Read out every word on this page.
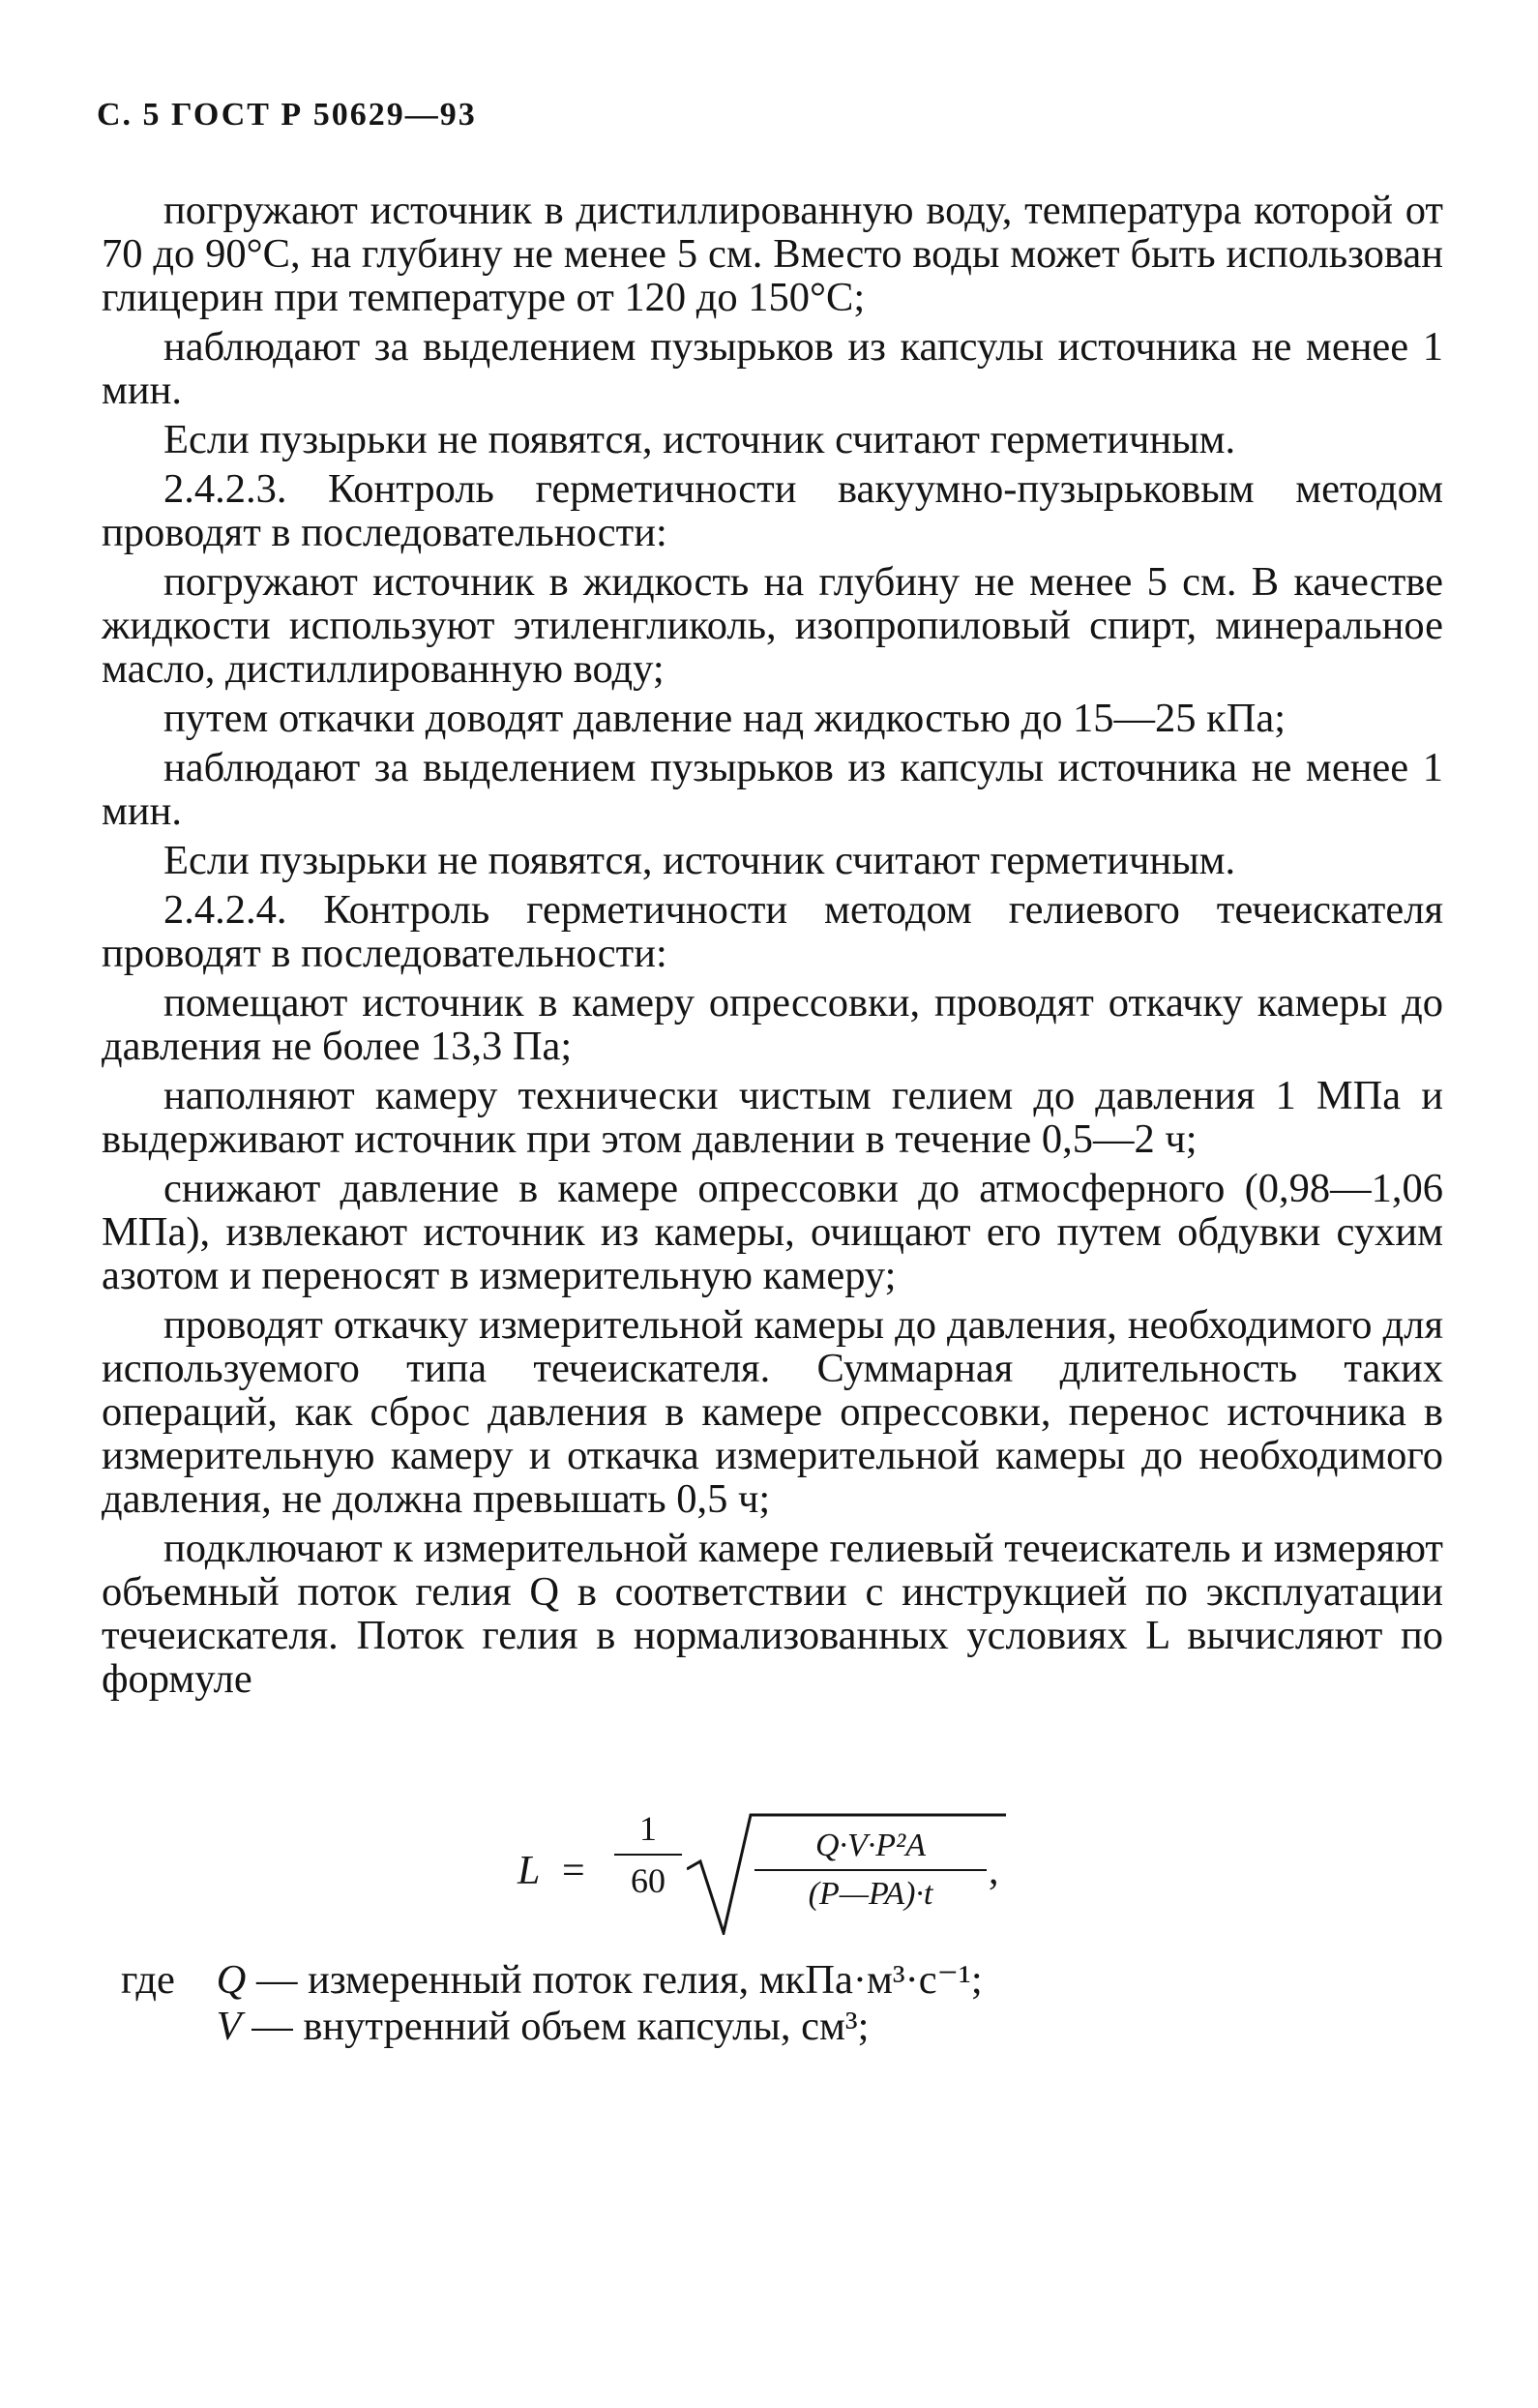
С. 5 ГОСТ Р 50629—93

погружают источник в дистиллированную воду, температура которой от 70 до 90°С, на глубину не менее 5 см. Вместо воды может быть использован глицерин при температуре от 120 до 150°С;

наблюдают за выделением пузырьков из капсулы источника не менее 1 мин.

Если пузырьки не появятся, источник считают герметичным.

2.4.2.3. Контроль герметичности вакуумно-пузырьковым методом проводят в последовательности:

погружают источник в жидкость на глубину не менее 5 см. В качестве жидкости используют этиленгликоль, изопропиловый спирт, минеральное масло, дистиллированную воду;

путем откачки доводят давление над жидкостью до 15—25 кПа;

наблюдают за выделением пузырьков из капсулы источника не менее 1 мин.

Если пузырьки не появятся, источник считают герметичным.

2.4.2.4. Контроль герметичности методом гелиевого течеискателя проводят в последовательности:

помещают источник в камеру опрессовки, проводят откачку камеры до давления не более 13,3 Па;

наполняют камеру технически чистым гелием до давления 1 МПа и выдерживают источник при этом давлении в течение 0,5—2 ч;

снижают давление в камере опрессовки до атмосферного (0,98—1,06 МПа), извлекают источник из камеры, очищают его путем обдувки сухим азотом и переносят в измерительную камеру;

проводят откачку измерительной камеры до давления, необходимого для используемого типа течеискателя. Суммарная длительность таких операций, как сброс давления в камере опрессовки, перенос источника в измерительную камеру и откачка измерительной камеры до необходимого давления, не должна превышать 0,5 ч;

подключают к измерительной камере гелиевый течеискатель и измеряют объемный поток гелия Q в соответствии с инструкцией по эксплуатации течеискателя. Поток гелия в нормализованных условиях L вычисляют по формуле

L =
1
60
Q·V·P²A
(P—PA)·t
,
где Q — измеренный поток гелия, мкПа·м³·с⁻¹;
V — внутренний объем капсулы, см³;
